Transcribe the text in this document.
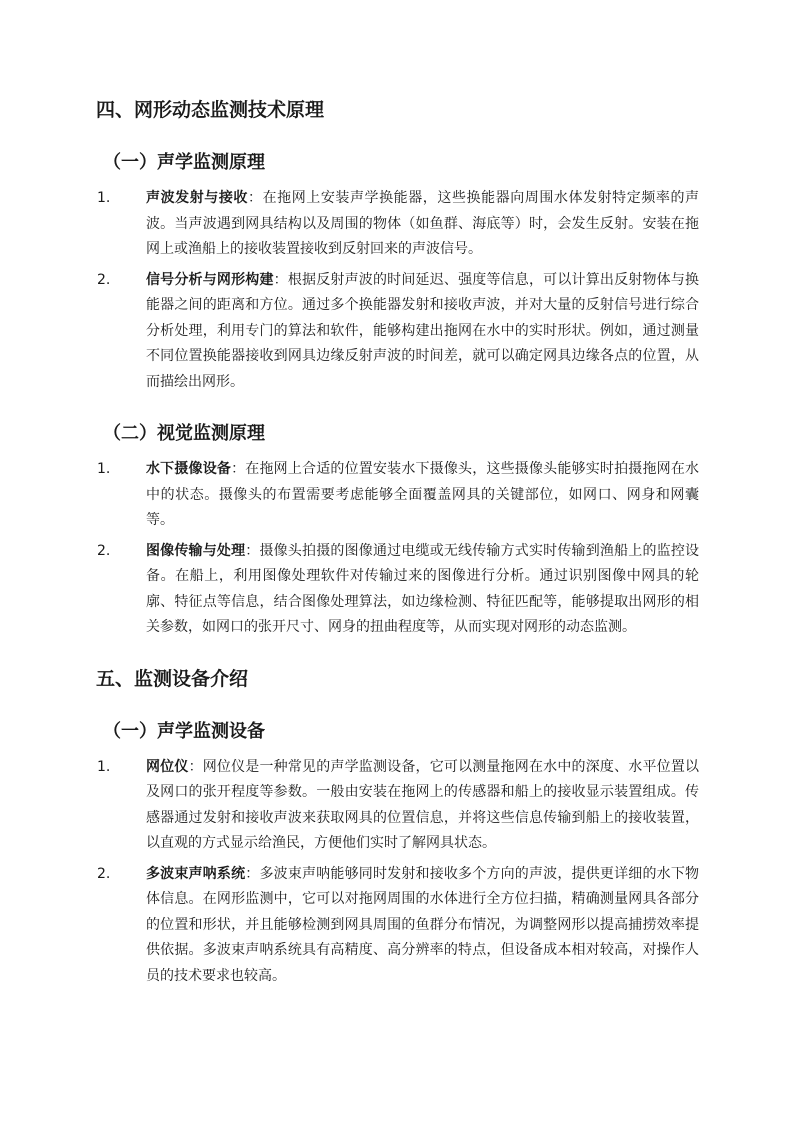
四、网形动态监测技术原理
（一）声学监测原理
1.	声波发射与接收：在拖网上安装声学换能器，这些换能器向周围水体发射特定频率的声波。当声波遇到网具结构以及周围的物体（如鱼群、海底等）时，会发生反射。安装在拖网上或渔船上的接收装置接收到反射回来的声波信号。
2.	信号分析与网形构建：根据反射声波的时间延迟、强度等信息，可以计算出反射物体与换能器之间的距离和方位。通过多个换能器发射和接收声波，并对大量的反射信号进行综合分析处理，利用专门的算法和软件，能够构建出拖网在水中的实时形状。例如，通过测量不同位置换能器接收到网具边缘反射声波的时间差，就可以确定网具边缘各点的位置，从而描绘出网形。
（二）视觉监测原理
1.	水下摄像设备：在拖网上合适的位置安装水下摄像头，这些摄像头能够实时拍摄拖网在水中的状态。摄像头的布置需要考虑能够全面覆盖网具的关键部位，如网口、网身和网囊等。
2.	图像传输与处理：摄像头拍摄的图像通过电缆或无线传输方式实时传输到渔船上的监控设备。在船上，利用图像处理软件对传输过来的图像进行分析。通过识别图像中网具的轮廓、特征点等信息，结合图像处理算法，如边缘检测、特征匹配等，能够提取出网形的相关参数，如网口的张开尺寸、网身的扭曲程度等，从而实现对网形的动态监测。
五、监测设备介绍
（一）声学监测设备
1.	网位仪：网位仪是一种常见的声学监测设备，它可以测量拖网在水中的深度、水平位置以及网口的张开程度等参数。一般由安装在拖网上的传感器和船上的接收显示装置组成。传感器通过发射和接收声波来获取网具的位置信息，并将这些信息传输到船上的接收装置，以直观的方式显示给渔民，方便他们实时了解网具状态。
2.	多波束声呐系统：多波束声呐能够同时发射和接收多个方向的声波，提供更详细的水下物体信息。在网形监测中，它可以对拖网周围的水体进行全方位扫描，精确测量网具各部分的位置和形状，并且能够检测到网具周围的鱼群分布情况，为调整网形以提高捕捞效率提供依据。多波束声呐系统具有高精度、高分辨率的特点，但设备成本相对较高，对操作人员的技术要求也较高。
